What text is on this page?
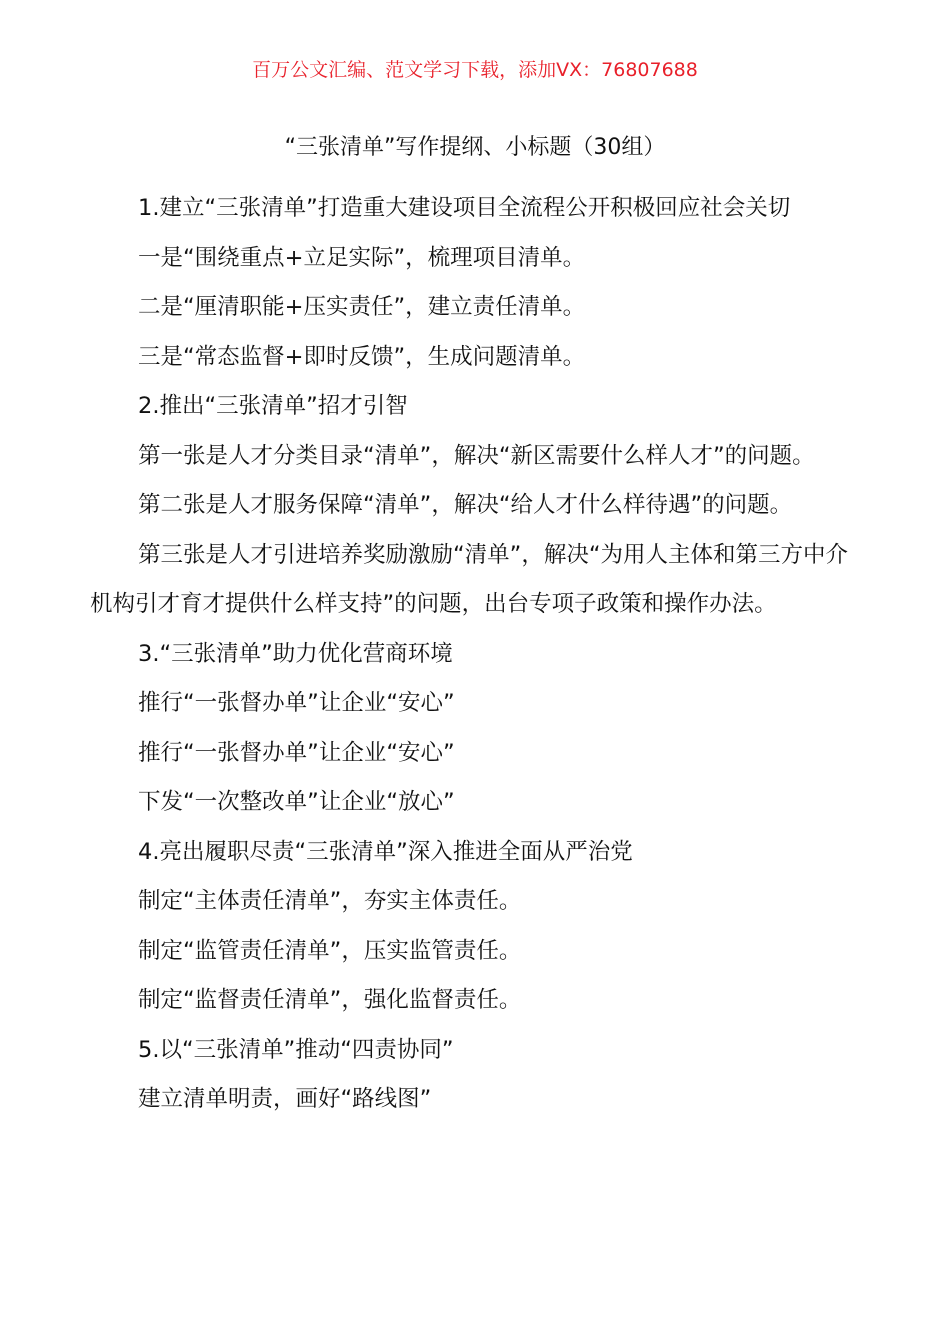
百万公文汇编、范文学习下载，添加VX：76807688
“三张清单”写作提纲、小标题（30组）

1.建立“三张清单”打造重大建设项目全流程公开积极回应社会关切

一是“围绕重点+立足实际”，梳理项目清单。

二是“厘清职能+压实责任”，建立责任清单。

三是“常态监督+即时反馈”，生成问题清单。

2.推出“三张清单”招才引智

第一张是人才分类目录“清单”，解决“新区需要什么样人才”的问题。

第二张是人才服务保障“清单”，解决“给人才什么样待遇”的问题。

第三张是人才引进培养奖励激励“清单”，解决“为用人主体和第三方中介机构引才育才提供什么样支持”的问题，出台专项子政策和操作办法。

3.“三张清单”助力优化营商环境

推行“一张督办单”让企业“安心”

推行“一张督办单”让企业“安心”

下发“一次整改单”让企业“放心”

4.亮出履职尽责“三张清单”深入推进全面从严治党

制定“主体责任清单”，夯实主体责任。

制定“监管责任清单”，压实监管责任。

制定“监督责任清单”，强化监督责任。

5.以“三张清单”推动“四责协同”

建立清单明责，画好“路线图”
